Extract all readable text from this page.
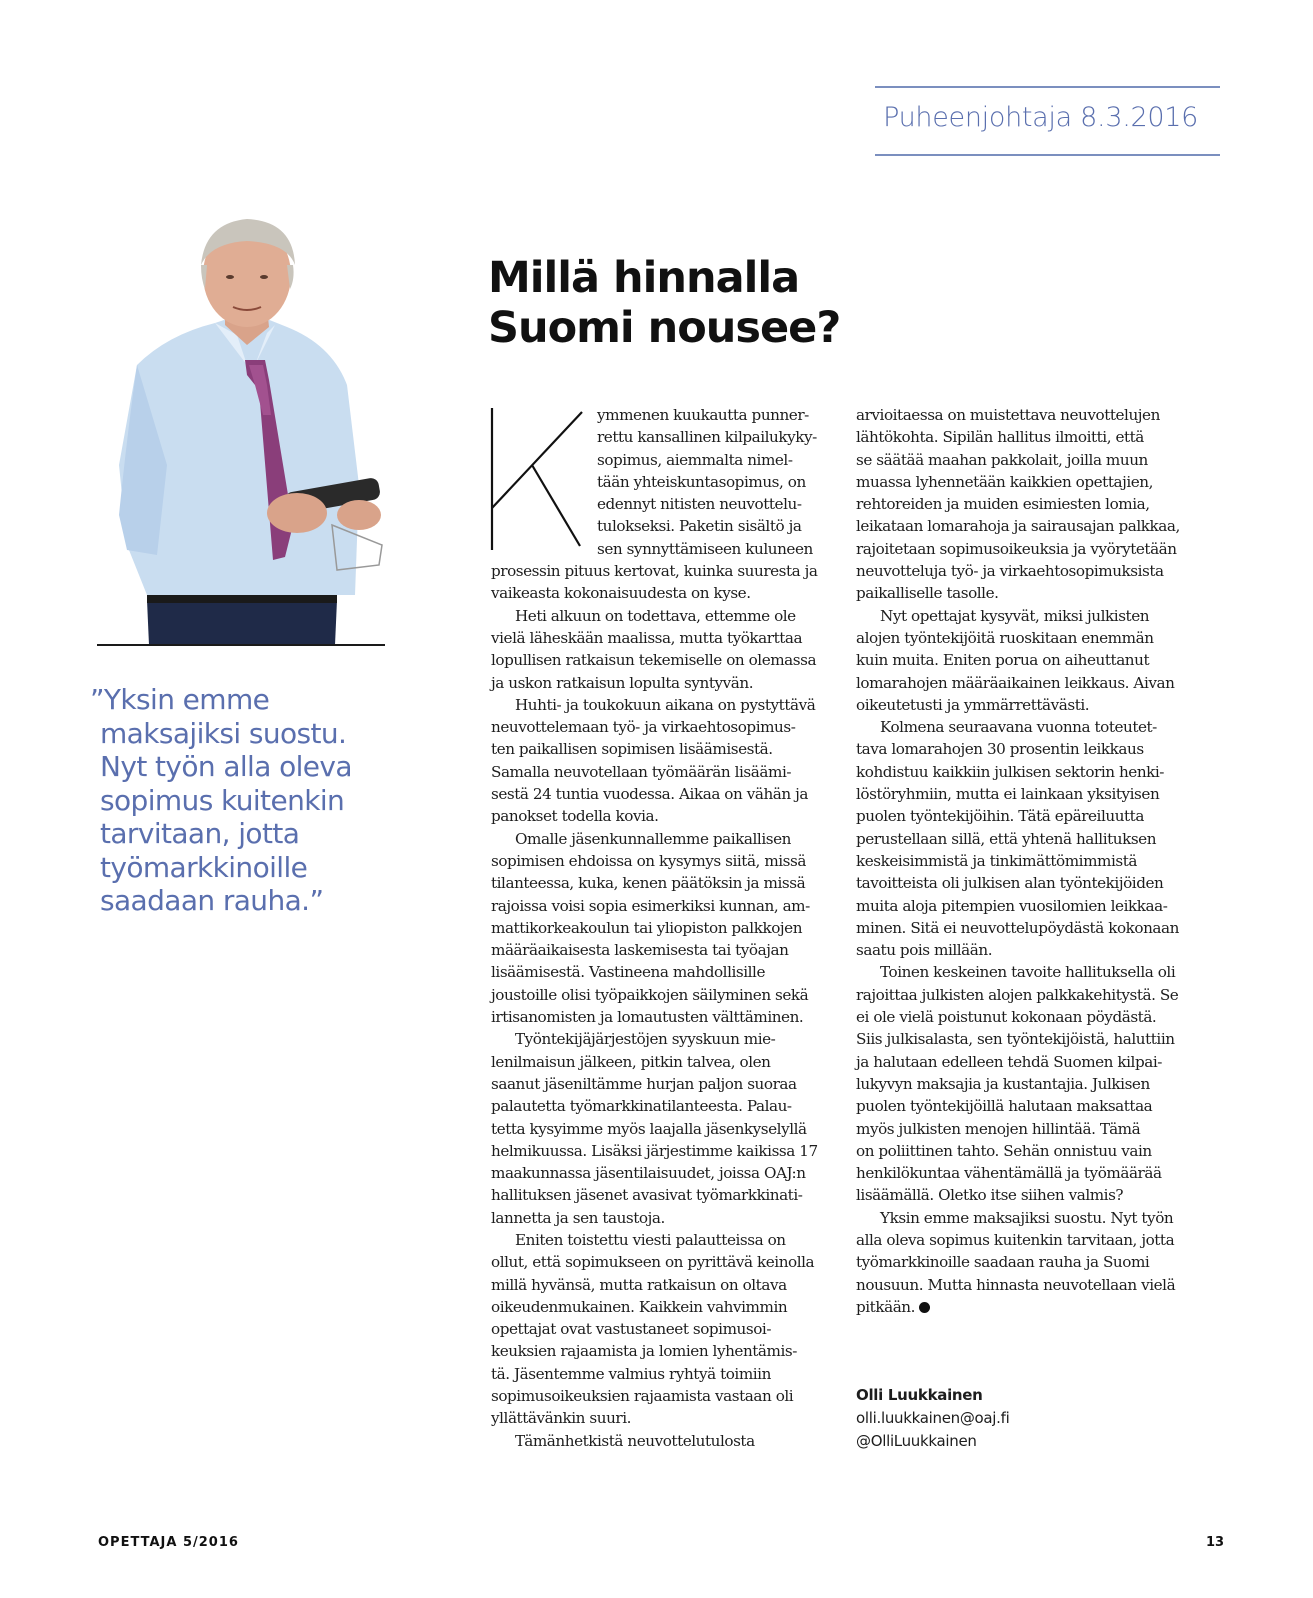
Puheenjohtaja 8.3.2016
”Yksin emme
maksajiksi suostu.
Nyt työn alla oleva
sopimus kuitenkin
tarvitaan, jotta
työmarkkinoille
saadaan rauha.”
Millä hinnalla
Suomi nousee?
ymmenen kuukautta punner-
rettu kansallinen kilpailukyky-
sopimus, aiemmalta nimel-
tään yhteiskuntasopimus, on
edennyt nitisten neuvottelu-
tulokseksi. Paketin sisältö ja
sen synnyttämiseen kuluneen
prosessin pituus kertovat, kuinka suuresta ja
vaikeasta kokonaisuudesta on kyse.
Heti alkuun on todettava, ettemme ole
vielä läheskään maalissa, mutta työkarttaa
lopullisen ratkaisun tekemiselle on olemassa
ja uskon ratkaisun lopulta syntyvän.
Huhti- ja toukokuun aikana on pystyttävä
neuvottelemaan työ- ja virkaehtosopimus-
ten paikallisen sopimisen lisäämisestä.
Samalla neuvotellaan työmäärän lisäämi-
sestä 24 tuntia vuodessa. Aikaa on vähän ja
panokset todella kovia.
Omalle jäsenkunnallemme paikallisen
sopimisen ehdoissa on kysymys siitä, missä
tilanteessa, kuka, kenen päätöksin ja missä
rajoissa voisi sopia esimerkiksi kunnan, am-
mattikorkeakoulun tai yliopiston palkkojen
määräaikaisesta laskemisesta tai työajan
lisäämisestä. Vastineena mahdollisille
joustoille olisi työpaikkojen säilyminen sekä
irtisanomisten ja lomautusten välttäminen.
Työntekijäjärjestöjen syyskuun mie-
lenilmaisun jälkeen, pitkin talvea, olen
saanut jäseniltämme hurjan paljon suoraa
palautetta työmarkkinatilanteesta. Palau-
tetta kysyimme myös laajalla jäsenkyselyllä
helmikuussa. Lisäksi järjestimme kaikissa 17
maakunnassa jäsentilaisuudet, joissa OAJ:n
hallituksen jäsenet avasivat työmarkkinati-
lannetta ja sen taustoja.
Eniten toistettu viesti palautteissa on
ollut, että sopimukseen on pyrittävä keinolla
millä hyvänsä, mutta ratkaisun on oltava
oikeudenmukainen. Kaikkein vahvimmin
opettajat ovat vastustaneet sopimusoi-
keuksien rajaamista ja lomien lyhentämis-
tä. Jäsentemme valmius ryhtyä toimiin
sopimusoikeuksien rajaamista vastaan oli
yllättävänkin suuri.
Tämänhetkistä neuvottelutulosta
arvioitaessa on muistettava neuvottelujen
lähtökohta. Sipilän hallitus ilmoitti, että
se säätää maahan pakkolait, joilla muun
muassa lyhennetään kaikkien opettajien,
rehtoreiden ja muiden esimiesten lomia,
leikataan lomarahoja ja sairausajan palkkaa,
rajoitetaan sopimusoikeuksia ja vyörytetään
neuvotteluja työ- ja virkaehtosopimuksista
paikalliselle tasolle.
Nyt opettajat kysyvät, miksi julkisten
alojen työntekijöitä ruoskitaan enemmän
kuin muita. Eniten porua on aiheuttanut
lomarahojen määräaikainen leikkaus. Aivan
oikeutetusti ja ymmärrettävästi.
Kolmena seuraavana vuonna toteutet-
tava lomarahojen 30 prosentin leikkaus
kohdistuu kaikkiin julkisen sektorin henki-
löstöryhmiin, mutta ei lainkaan yksityisen
puolen työntekijöihin. Tätä epäreiluutta
perustellaan sillä, että yhtenä hallituksen
keskeisimmistä ja tinkimättömimmistä
tavoitteista oli julkisen alan työntekijöiden
muita aloja pitempien vuosilomien leikkaa-
minen. Sitä ei neuvottelupöydästä kokonaan
saatu pois millään.
Toinen keskeinen tavoite hallituksella oli
rajoittaa julkisten alojen palkkakehitystä. Se
ei ole vielä poistunut kokonaan pöydästä.
Siis julkisalasta, sen työntekijöistä, haluttiin
ja halutaan edelleen tehdä Suomen kilpai-
lukyvyn maksajia ja kustantajia. Julkisen
puolen työntekijöillä halutaan maksattaa
myös julkisten menojen hillintää. Tämä
on poliittinen tahto. Sehän onnistuu vain
henkilökuntaa vähentämällä ja työmäärää
lisäämällä. Oletko itse siihen valmis?
Yksin emme maksajiksi suostu. Nyt työn
alla oleva sopimus kuitenkin tarvitaan, jotta
työmarkkinoille saadaan rauha ja Suomi
nousuun. Mutta hinnasta neuvotellaan vielä
pitkään.
Olli Luukkainen
olli.luukkainen@oaj.fi
@OlliLuukkainen
OPETTAJA 5/2016	13
